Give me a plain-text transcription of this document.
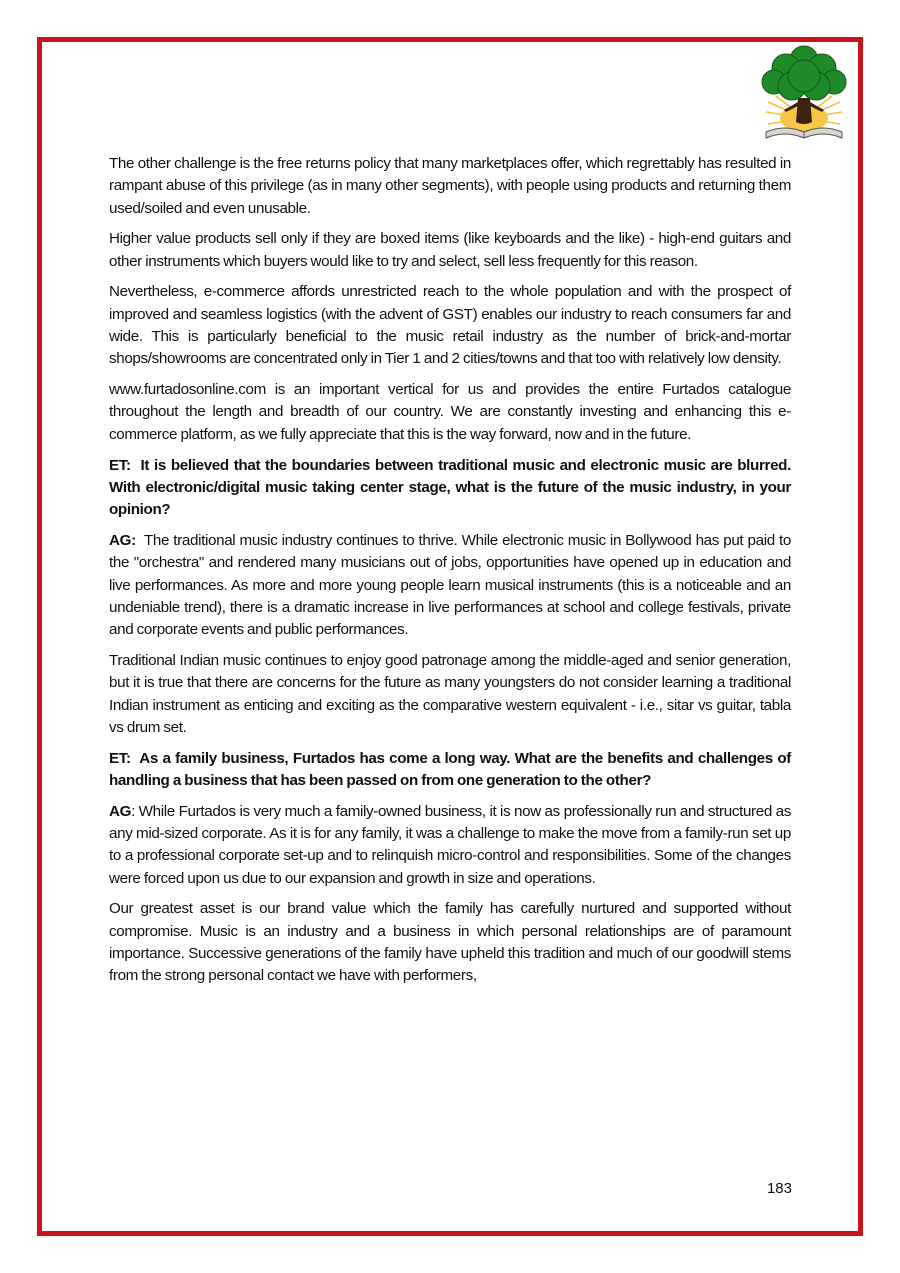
The other challenge is the free returns policy that many marketplaces offer, which regrettably has resulted in rampant abuse of this privilege (as in many other segments), with people using products and returning them used/soiled and even unusable.

Higher value products sell only if they are boxed items (like keyboards and the like) - high-end guitars and other instruments which buyers would like to try and select, sell less frequently for this reason.

Nevertheless, e-commerce affords unrestricted reach to the whole population and with the prospect of improved and seamless logistics (with the advent of GST) enables our industry to reach consumers far and wide. This is particularly beneficial to the music retail industry as the number of brick-and-mortar shops/showrooms are concentrated only in Tier 1 and 2 cities/towns and that too with relatively low density.

www.furtadosonline.com is an important vertical for us and provides the entire Furtados catalogue throughout the length and breadth of our country. We are constantly investing and enhancing this e-commerce platform, as we fully appreciate that this is the way forward, now and in the future.

ET: It is believed that the boundaries between traditional music and electronic music are blurred. With electronic/digital music taking center stage, what is the future of the music industry, in your opinion?

AG: The traditional music industry continues to thrive. While electronic music in Bollywood has put paid to the "orchestra" and rendered many musicians out of jobs, opportunities have opened up in education and live performances. As more and more young people learn musical instruments (this is a noticeable and an undeniable trend), there is a dramatic increase in live performances at school and college festivals, private and corporate events and public performances.

Traditional Indian music continues to enjoy good patronage among the middle-aged and senior generation, but it is true that there are concerns for the future as many youngsters do not consider learning a traditional Indian instrument as enticing and exciting as the comparative western equivalent - i.e., sitar vs guitar, tabla vs drum set.

ET: As a family business, Furtados has come a long way. What are the benefits and challenges of handling a business that has been passed on from one generation to the other?

AG: While Furtados is very much a family-owned business, it is now as professionally run and structured as any mid-sized corporate. As it is for any family, it was a challenge to make the move from a family-run set up to a professional corporate set-up and to relinquish micro-control and responsibilities. Some of the changes were forced upon us due to our expansion and growth in size and operations.

Our greatest asset is our brand value which the family has carefully nurtured and supported without compromise. Music is an industry and a business in which personal relationships are of paramount importance. Successive generations of the family have upheld this tradition and much of our goodwill stems from the strong personal contact we have with performers,

183
